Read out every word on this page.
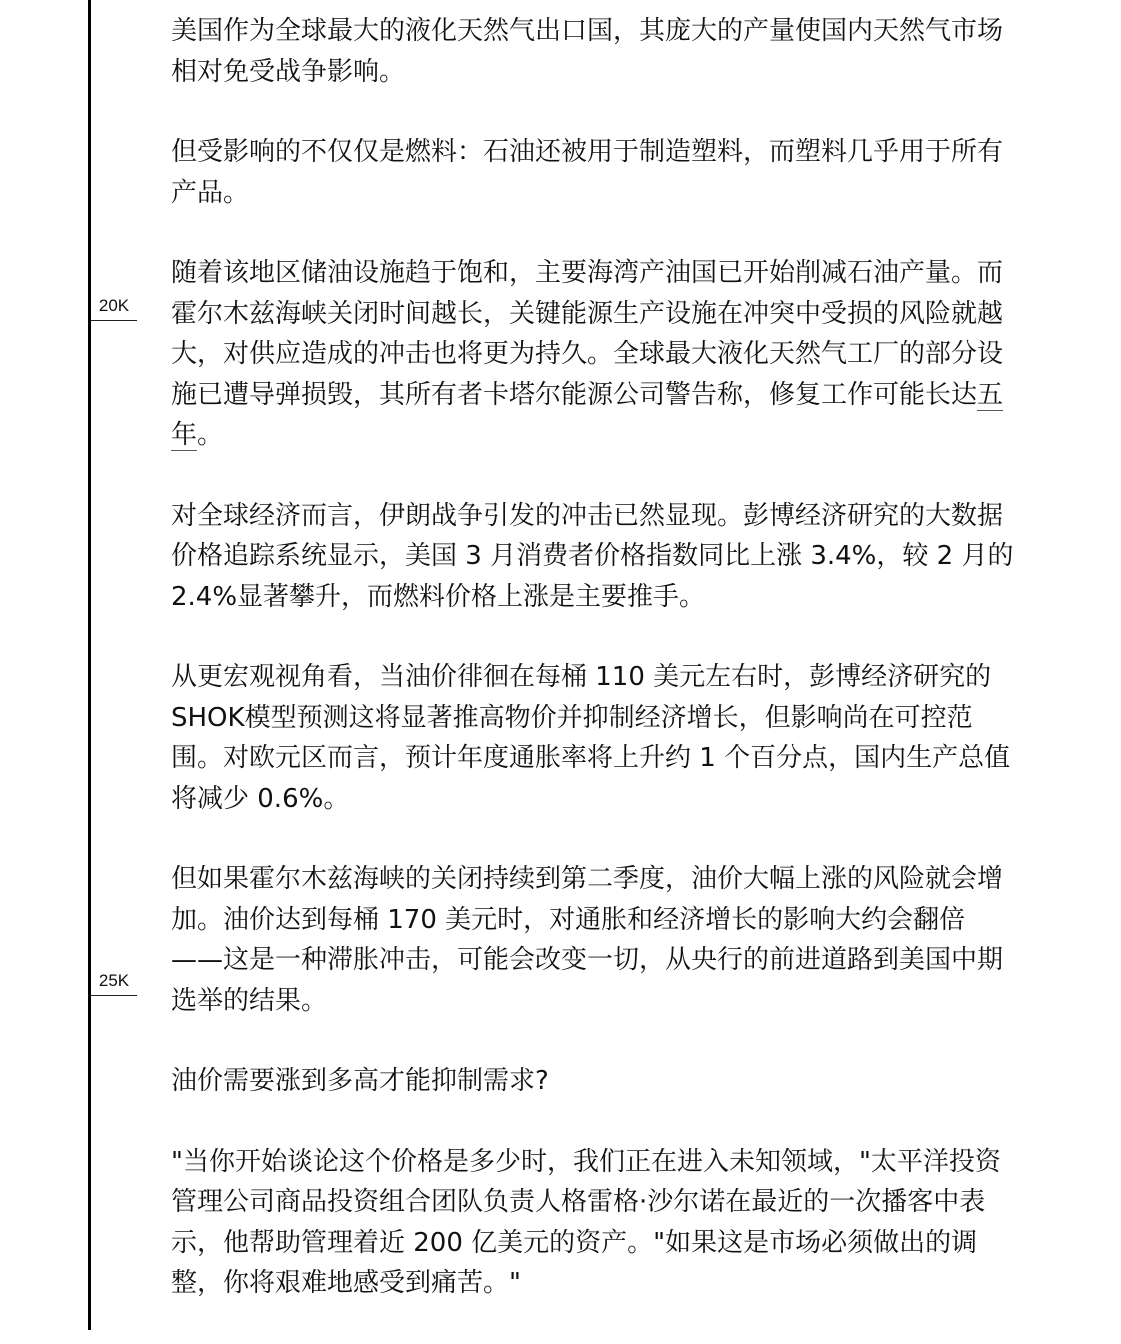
20K
25K

美国作为全球最大的液化天然气出口国，其庞大的产量使国内天然气市场相对免受战争影响。

但受影响的不仅仅是燃料：石油还被用于制造塑料，而塑料几乎用于所有产品。

随着该地区储油设施趋于饱和，主要海湾产油国已开始削减石油产量。而霍尔木兹海峡关闭时间越长，关键能源生产设施在冲突中受损的风险就越大，对供应造成的冲击也将更为持久。全球最大液化天然气工厂的部分设施已遭导弹损毁，其所有者卡塔尔能源公司警告称，修复工作可能长达五年。

对全球经济而言，伊朗战争引发的冲击已然显现。彭博经济研究的大数据价格追踪系统显示，美国 3 月消费者价格指数同比上涨 3.4%，较 2 月的 2.4%显著攀升，而燃料价格上涨是主要推手。

从更宏观视角看，当油价徘徊在每桶 110 美元左右时，彭博经济研究的SHOK模型预测这将显著推高物价并抑制经济增长，但影响尚在可控范围。对欧元区而言，预计年度通胀率将上升约 1 个百分点，国内生产总值将减少 0.6%。

但如果霍尔木兹海峡的关闭持续到第二季度，油价大幅上涨的风险就会增加。油价达到每桶 170 美元时，对通胀和经济增长的影响大约会翻倍——这是一种滞胀冲击，可能会改变一切，从央行的前进道路到美国中期选举的结果。

油价需要涨到多高才能抑制需求?

"当你开始谈论这个价格是多少时，我们正在进入未知领域，"太平洋投资管理公司商品投资组合团队负责人格雷格·沙尔诺在最近的一次播客中表示，他帮助管理着近 200 亿美元的资产。"如果这是市场必须做出的调整，你将艰难地感受到痛苦。"
